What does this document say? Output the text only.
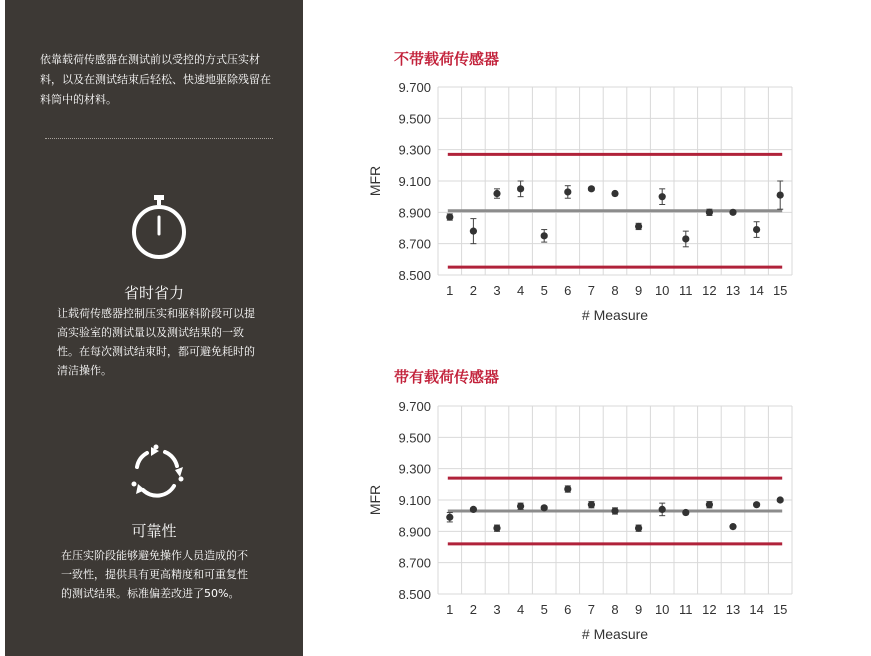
依靠载荷传感器在测试前以受控的方式压实材料，以及在测试结束后轻松、快速地驱除残留在料筒中的材料。
省时省力
让载荷传感器控制压实和驱料阶段可以提高实验室的测试量以及测试结果的一致性。在每次测试结束时，都可避免耗时的清洁操作。
可靠性
在压实阶段能够避免操作人员造成的不一致性，提供具有更高精度和可重复性的测试结果。标准偏差改进了50%。
不带载荷传感器
8.500
8.700
8.900
9.100
9.300
9.500
9.700
1 2 3 4 5 6 7 8 9 10 11 12 13 14 15
# Measure
MFR
带有载荷传感器
8.500
8.700
8.900
9.100
9.300
9.500
9.700
1 2 3 4 5 6 7 8 9 10 11 12 13 14 15
# Measure
MFR
